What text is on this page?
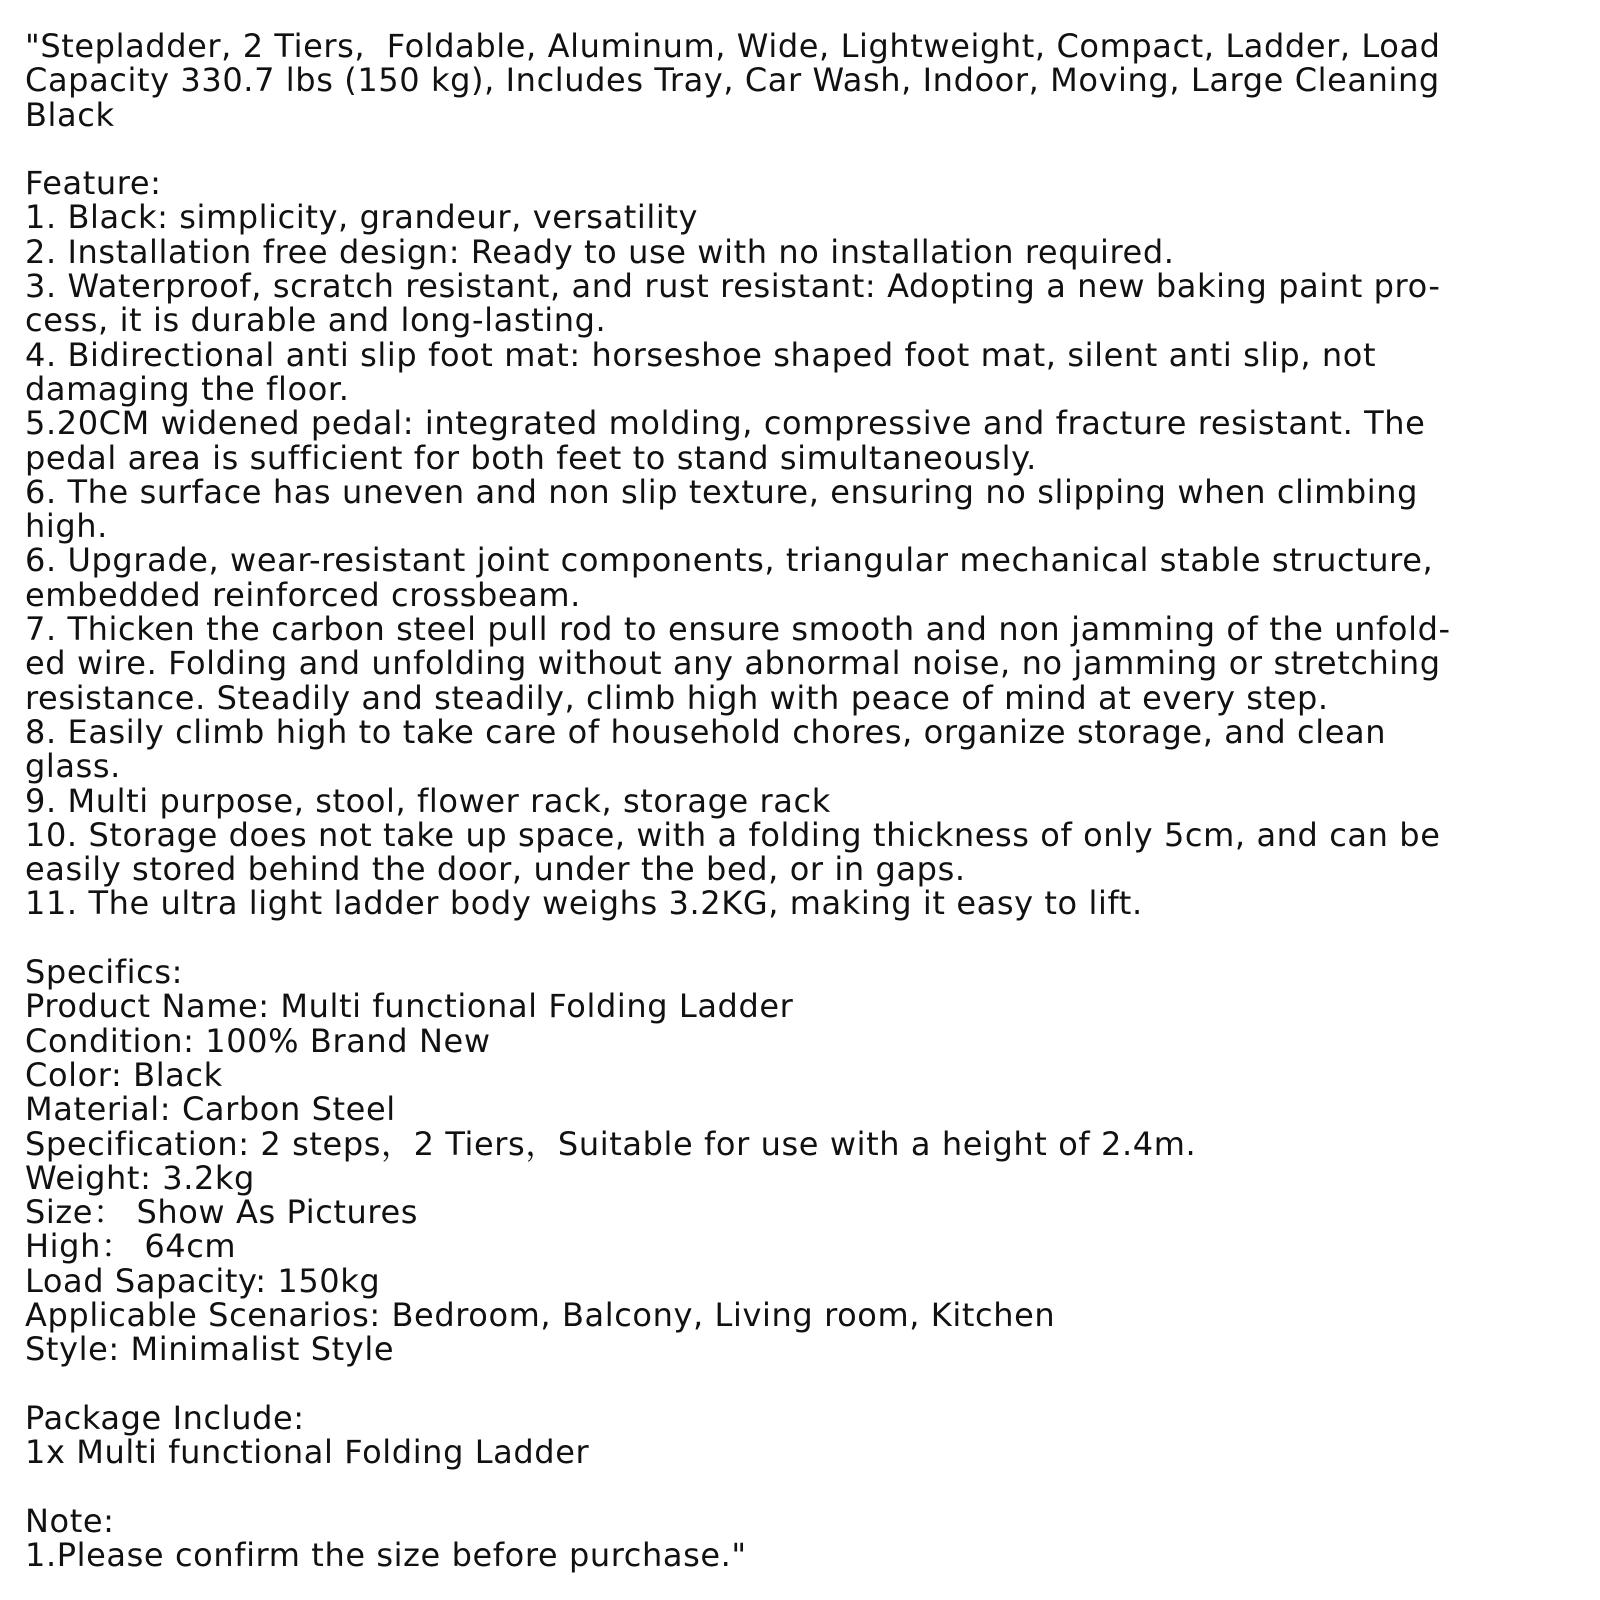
"Stepladder, 2 Tiers,  Foldable, Aluminum, Wide, Lightweight, Compact, Ladder, Load
Capacity 330.7 lbs (150 kg), Includes Tray, Car Wash, Indoor, Moving, Large Cleaning
Black
Feature:
1. Black: simplicity, grandeur, versatility
2. Installation free design: Ready to use with no installation required.
3. Waterproof, scratch resistant, and rust resistant: Adopting a new baking paint pro-
cess, it is durable and long-lasting.
4. Bidirectional anti slip foot mat: horseshoe shaped foot mat, silent anti slip, not
damaging the floor.
5.20CM widened pedal: integrated molding, compressive and fracture resistant. The
pedal area is sufficient for both feet to stand simultaneously.
6. The surface has uneven and non slip texture, ensuring no slipping when climbing
high.
6. Upgrade, wear-resistant joint components, triangular mechanical stable structure,
embedded reinforced crossbeam.
7. Thicken the carbon steel pull rod to ensure smooth and non jamming of the unfold-
ed wire. Folding and unfolding without any abnormal noise, no jamming or stretching
resistance. Steadily and steadily, climb high with peace of mind at every step.
8. Easily climb high to take care of household chores, organize storage, and clean
glass.
9. Multi purpose, stool, flower rack, storage rack
10. Storage does not take up space, with a folding thickness of only 5cm, and can be
easily stored behind the door, under the bed, or in gaps.
11. The ultra light ladder body weighs 3.2KG, making it easy to lift.
Specifics:
Product Name: Multi functional Folding Ladder
Condition: 100% Brand New
Color: Black
Material: Carbon Steel
Specification: 2 steps，2 Tiers，Suitable for use with a height of 2.4m.
Weight: 3.2kg
Size： Show As Pictures
High： 64cm
Load Sapacity: 150kg
Applicable Scenarios: Bedroom, Balcony, Living room, Kitchen
Style: Minimalist Style
Package Include:
1x Multi functional Folding Ladder
Note:
1.Please confirm the size before purchase."
